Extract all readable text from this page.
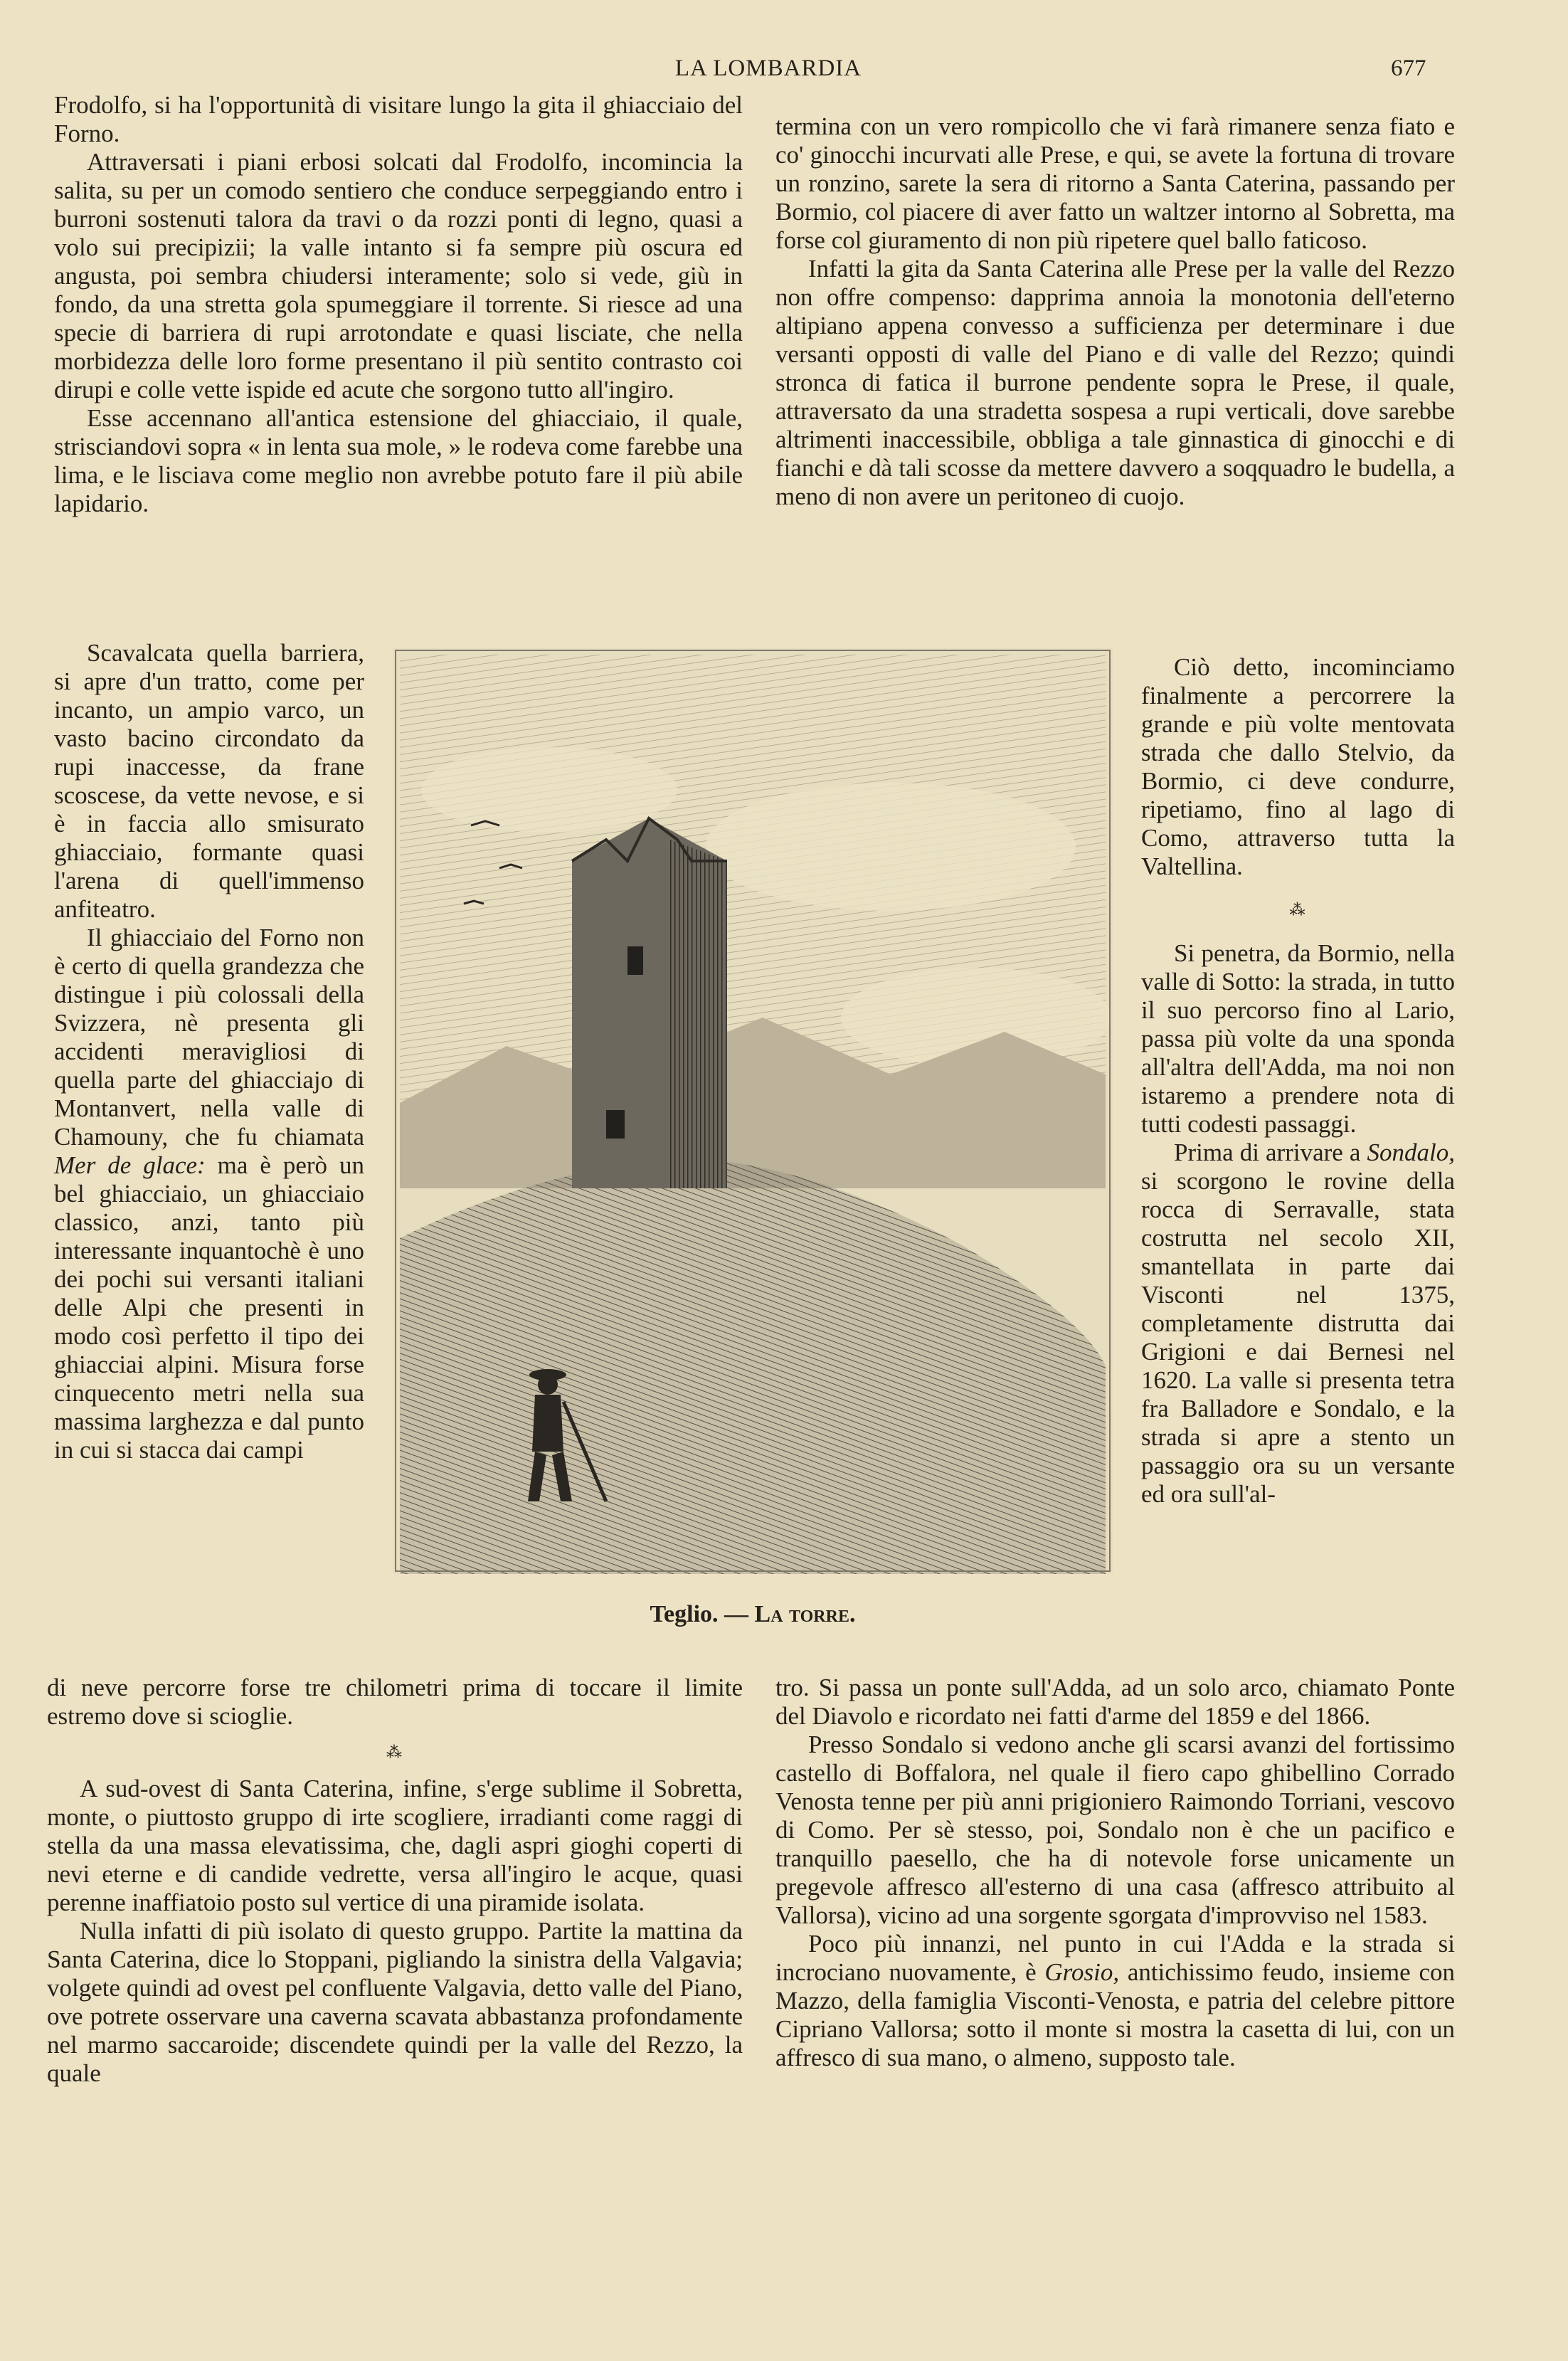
LA LOMBARDIA	677

Frodolfo, si ha l'opportunità di visitare lungo la gita il ghiacciaio del Forno.

Attraversati i piani erbosi solcati dal Frodolfo, incomincia la salita, su per un comodo sentiero che conduce serpeggiando entro i burroni sostenuti talora da travi o da rozzi ponti di legno, quasi a volo sui precipizii; la valle intanto si fa sempre più oscura ed angusta, poi sembra chiudersi interamente; solo si vede, giù in fondo, da una stretta gola spumeggiare il torrente. Si riesce ad una specie di barriera di rupi arrotondate e quasi lisciate, che nella morbidezza delle loro forme presentano il più sentito contrasto coi dirupi e colle vette ispide ed acute che sorgono tutto all'ingiro.

Esse accennano all'antica estensione del ghiacciaio, il quale, strisciandovi sopra « in lenta sua mole, » le rodeva come farebbe una lima, e le lisciava come meglio non avrebbe potuto fare il più abile lapidario.

Scavalcata quella barriera, si apre d'un tratto, come per incanto, un ampio varco, un vasto bacino circondato da rupi inaccesse, da frane scoscese, da vette nevose, e si è in faccia allo smisurato ghiacciaio, formante quasi l'arena di quell'immenso anfiteatro.

Il ghiacciaio del Forno non è certo di quella grandezza che distingue i più colossali della Svizzera, nè presenta gli accidenti meravigliosi di quella parte del ghiacciajo di Montanvert, nella valle di Chamouny, che fu chiamata Mer de glace: ma è però un bel ghiacciaio, un ghiacciaio classico, anzi, tanto più interessante inquantochè è uno dei pochi sui versanti italiani delle Alpi che presenti in modo così perfetto il tipo dei ghiacciai alpini. Misura forse cinquecento metri nella sua massima larghezza e dal punto in cui si stacca dai campi

di neve percorre forse tre chilometri prima di toccare il limite estremo dove si scioglie.

⁂

A sud-ovest di Santa Caterina, infine, s'erge sublime il Sobretta, monte, o piuttosto gruppo di irte scogliere, irradianti come raggi di stella da una massa elevatissima, che, dagli aspri gioghi coperti di nevi eterne e di candide vedrette, versa all'ingiro le acque, quasi perenne inaffiatoio posto sul vertice di una piramide isolata.

Nulla infatti di più isolato di questo gruppo. Partite la mattina da Santa Caterina, dice lo Stoppani, pigliando la sinistra della Valgavia; volgete quindi ad ovest pel confluente Valgavia, detto valle del Piano, ove potrete osservare una caverna scavata abbastanza profondamente nel marmo saccaroide; discendete quindi per la valle del Rezzo, la quale

termina con un vero rompicollo che vi farà rimanere senza fiato e co' ginocchi incurvati alle Prese, e qui, se avete la fortuna di trovare un ronzino, sarete la sera di ritorno a Santa Caterina, passando per Bormio, col piacere di aver fatto un waltzer intorno al Sobretta, ma forse col giuramento di non più ripetere quel ballo faticoso.

Infatti la gita da Santa Caterina alle Prese per la valle del Rezzo non offre compenso: dapprima annoia la monotonia dell'eterno altipiano appena convesso a sufficienza per determinare i due versanti opposti di valle del Piano e di valle del Rezzo; quindi stronca di fatica il burrone pendente sopra le Prese, il quale, attraversato da una stradetta sospesa a rupi verticali, dove sarebbe altrimenti inaccessibile, obbliga a tale ginnastica di ginocchi e di fianchi e dà tali scosse da mettere davvero a soqquadro le budella, a meno di non avere un peritoneo di cuojo.

Ciò detto, incominciamo finalmente a percorrere la grande e più volte mentovata strada che dallo Stelvio, da Bormio, ci deve condurre, ripetiamo, fino al lago di Como, attraverso tutta la Valtellina.

⁂

Si penetra, da Bormio, nella valle di Sotto: la strada, in tutto il suo percorso fino al Lario, passa più volte da una sponda all'altra dell'Adda, ma noi non istaremo a prendere nota di tutti codesti passaggi.

Prima di arrivare a Sondalo, si scorgono le rovine della rocca di Serravalle, stata costrutta nel secolo XII, smantellata in parte dai Visconti nel 1375, completamente distrutta dai Grigioni e dai Bernesi nel 1620. La valle si presenta tetra fra Balladore e Sondalo, e la strada si apre a stento un passaggio ora su un versante ed ora sull'al-

tro. Si passa un ponte sull'Adda, ad un solo arco, chiamato Ponte del Diavolo e ricordato nei fatti d'arme del 1859 e del 1866.

Presso Sondalo si vedono anche gli scarsi avanzi del fortissimo castello di Boffalora, nel quale il fiero capo ghibellino Corrado Venosta tenne per più anni prigioniero Raimondo Torriani, vescovo di Como. Per sè stesso, poi, Sondalo non è che un pacifico e tranquillo paesello, che ha di notevole forse unicamente un pregevole affresco all'esterno di una casa (affresco attribuito al Vallorsa), vicino ad una sorgente sgorgata d'improvviso nel 1583.

Poco più innanzi, nel punto in cui l'Adda e la strada si incrociano nuovamente, è Grosio, antichissimo feudo, insieme con Mazzo, della famiglia Visconti-Venosta, e patria del celebre pittore Cipriano Vallorsa; sotto il monte si mostra la casetta di lui, con un affresco di sua mano, o almeno, supposto tale.

Teglio. — La torre.
